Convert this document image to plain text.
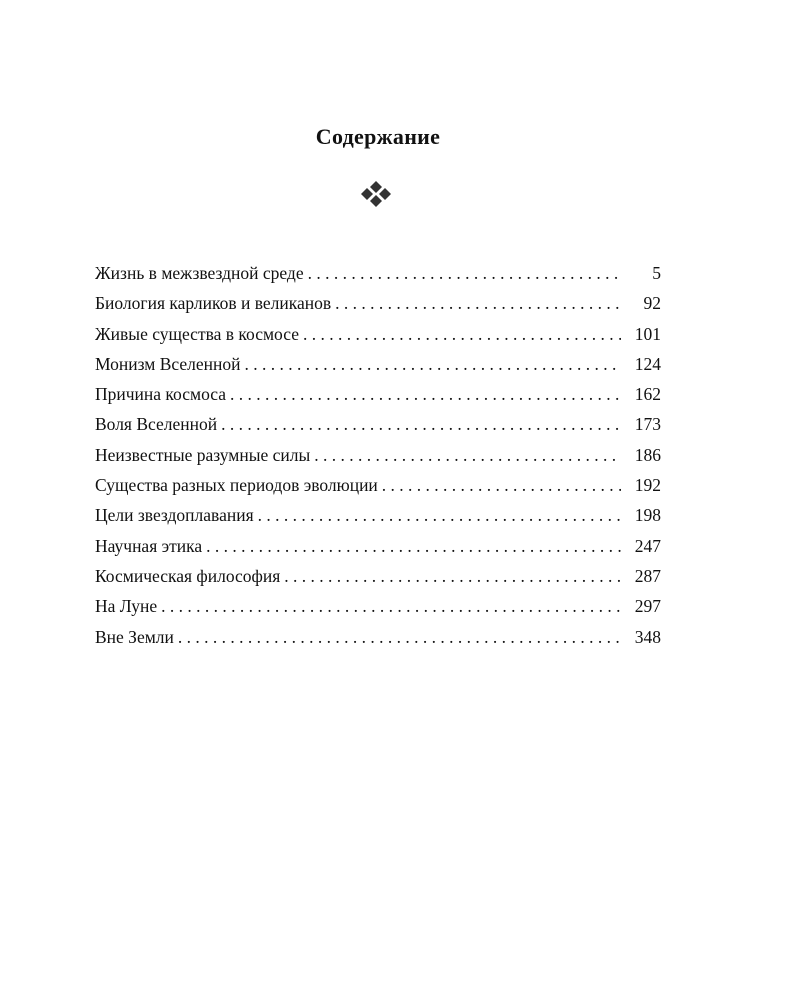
Содержание
Жизнь в межзвездной среде . . .	5
Биология карликов и великанов . . .	92
Живые существа в космосе . . .	101
Монизм Вселенной . . .	124
Причина космоса . . .	162
Воля Вселенной . . .	173
Неизвестные разумные силы . . .	186
Существа разных периодов эволюции . . .	192
Цели звездоплавания . . .	198
Научная этика . . .	247
Космическая философия . . .	287
На Луне . . .	297
Вне Земли . . .	348
